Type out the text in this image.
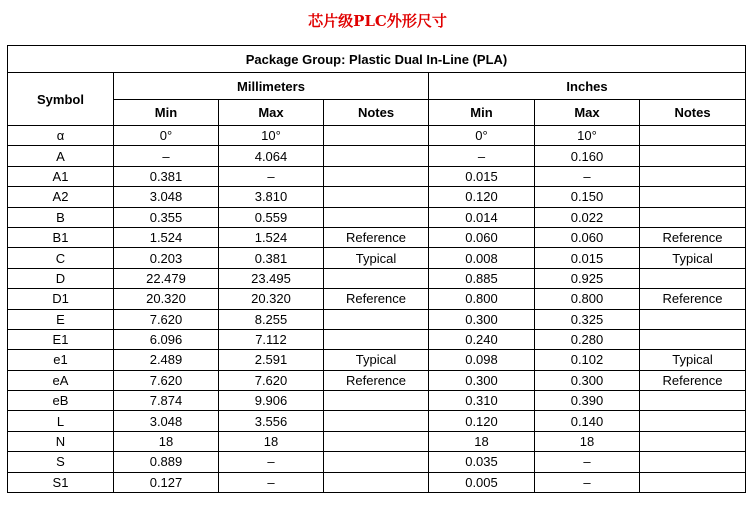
芯片级PLC外形尺寸
Package Group: Plastic Dual In-Line (PLA)						
Symbol	Millimeters			Inches		
	Min	Max	Notes	Min	Max	Notes
α	0°	10°		0°	10°	
A	–	4.064		–	0.160	
A1	0.381	–		0.015	–	
A2	3.048	3.810		0.120	0.150	
B	0.355	0.559		0.014	0.022	
B1	1.524	1.524	Reference	0.060	0.060	Reference
C	0.203	0.381	Typical	0.008	0.015	Typical
D	22.479	23.495		0.885	0.925	
D1	20.320	20.320	Reference	0.800	0.800	Reference
E	7.620	8.255		0.300	0.325	
E1	6.096	7.112		0.240	0.280	
e1	2.489	2.591	Typical	0.098	0.102	Typical
eA	7.620	7.620	Reference	0.300	0.300	Reference
eB	7.874	9.906		0.310	0.390	
L	3.048	3.556		0.120	0.140	
N	18	18		18	18	
S	0.889	–		0.035	–	
S1	0.127	–		0.005	–	
